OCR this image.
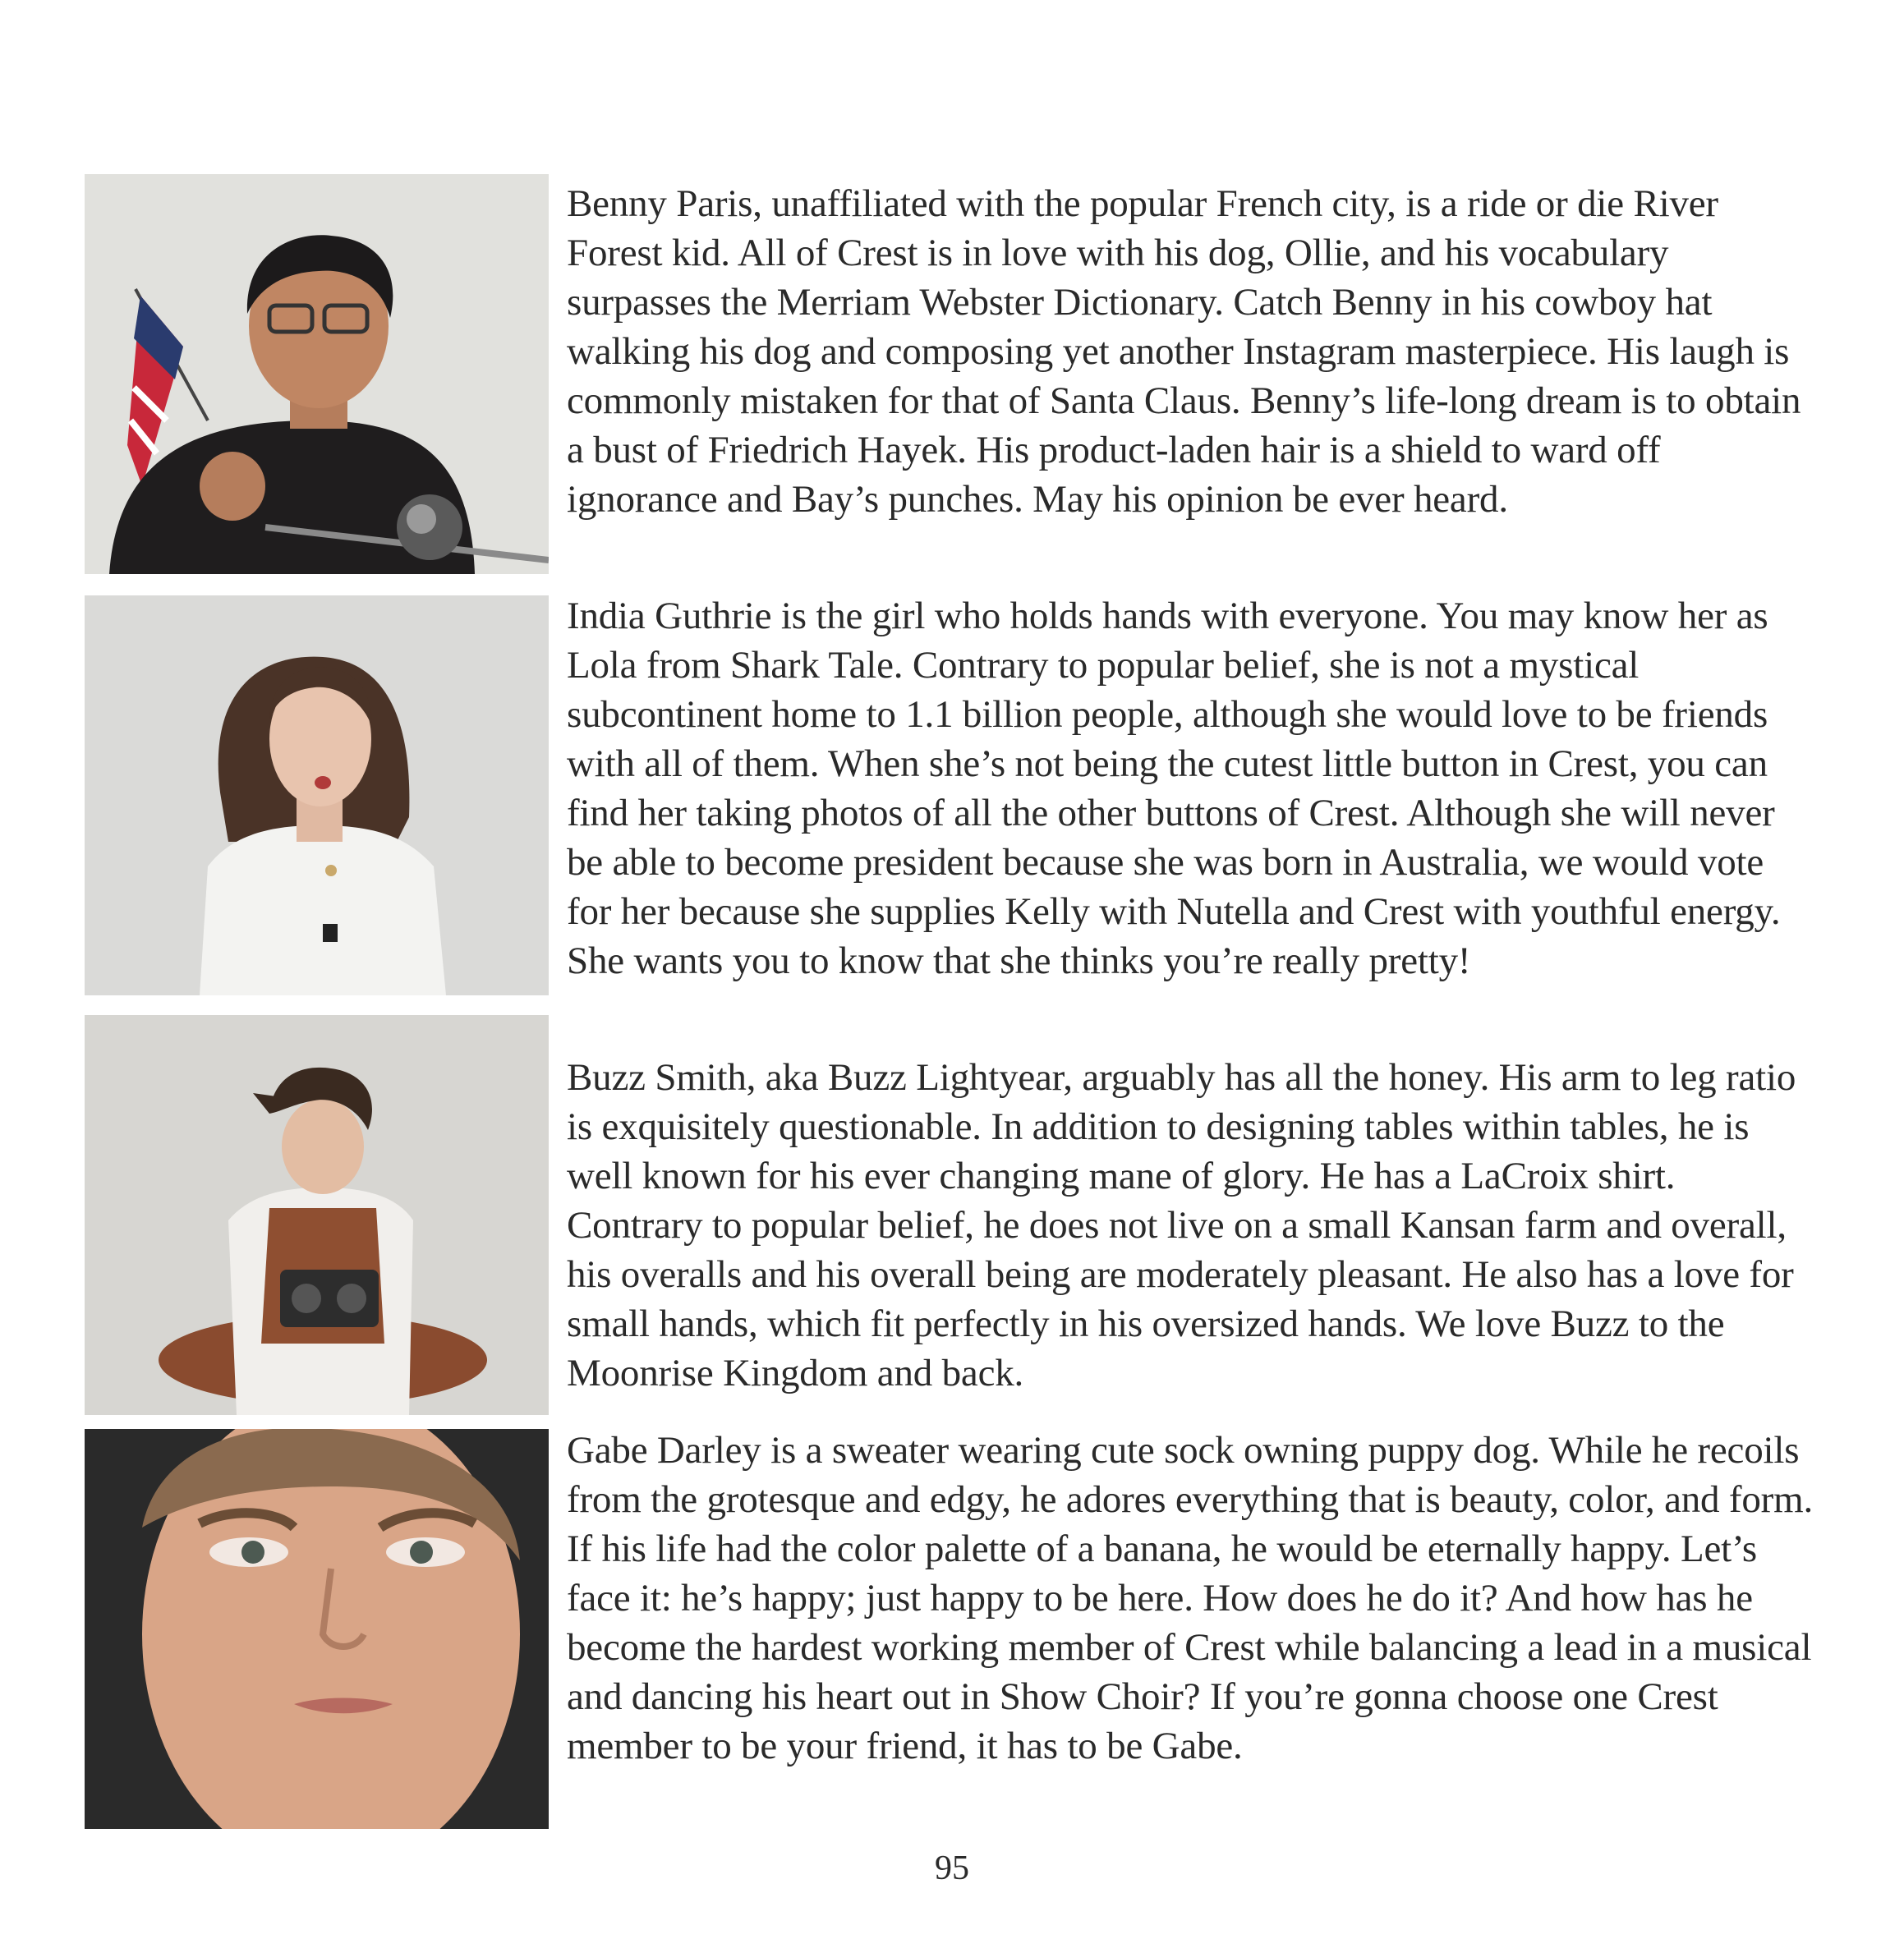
Benny Paris, unaffiliated with the popular French city, is a ride or die River Forest kid. All of Crest is in love with his dog, Ollie, and his vocabulary surpasses the Merriam Webster Dictionary. Catch Benny in his cowboy hat walking his dog and composing yet another Instagram masterpiece. His laugh is commonly mistaken for that of Santa Claus. Benny’s life-long dream is to obtain a bust of Friedrich Hayek. His product-laden hair is a shield to ward off ignorance and Bay’s punches. May his opinion be ever heard.

India Guthrie is the girl who holds hands with everyone. You may know her as Lola from Shark Tale. Contrary to popular belief, she is not a mystical subcontinent home to 1.1 billion people, although she would love to be friends with all of them. When she’s not being the cutest little button in Crest, you can find her taking photos of all the other buttons of Crest. Although she will never be able to become president because she was born in Australia, we would vote for her because she supplies Kelly with Nutella and Crest with youthful energy. She wants you to know that she thinks you’re really pretty!

Buzz Smith, aka Buzz Lightyear, arguably has all the honey. His arm to leg ratio is exquisitely questionable. In addition to designing tables within tables, he is well known for his ever changing mane of glory. He has a LaCroix shirt. Contrary to popular belief, he does not live on a small Kansan farm and overall, his overalls and his overall being are moderately pleasant. He also has a love for small hands, which fit perfectly in his oversized hands. We love Buzz to the Moonrise Kingdom and back.

Gabe Darley is a sweater wearing cute sock owning puppy dog. While he recoils from the grotesque and edgy, he adores everything that is beauty, color, and form. If his life had the color palette of a banana, he would be eternally happy. Let’s face it: he’s happy; just happy to be here. How does he do it? And how has he become the hardest working member of Crest while balancing a lead in a musical and dancing his heart out in Show Choir? If you’re gonna choose one Crest member to be your friend, it has to be Gabe.

95
